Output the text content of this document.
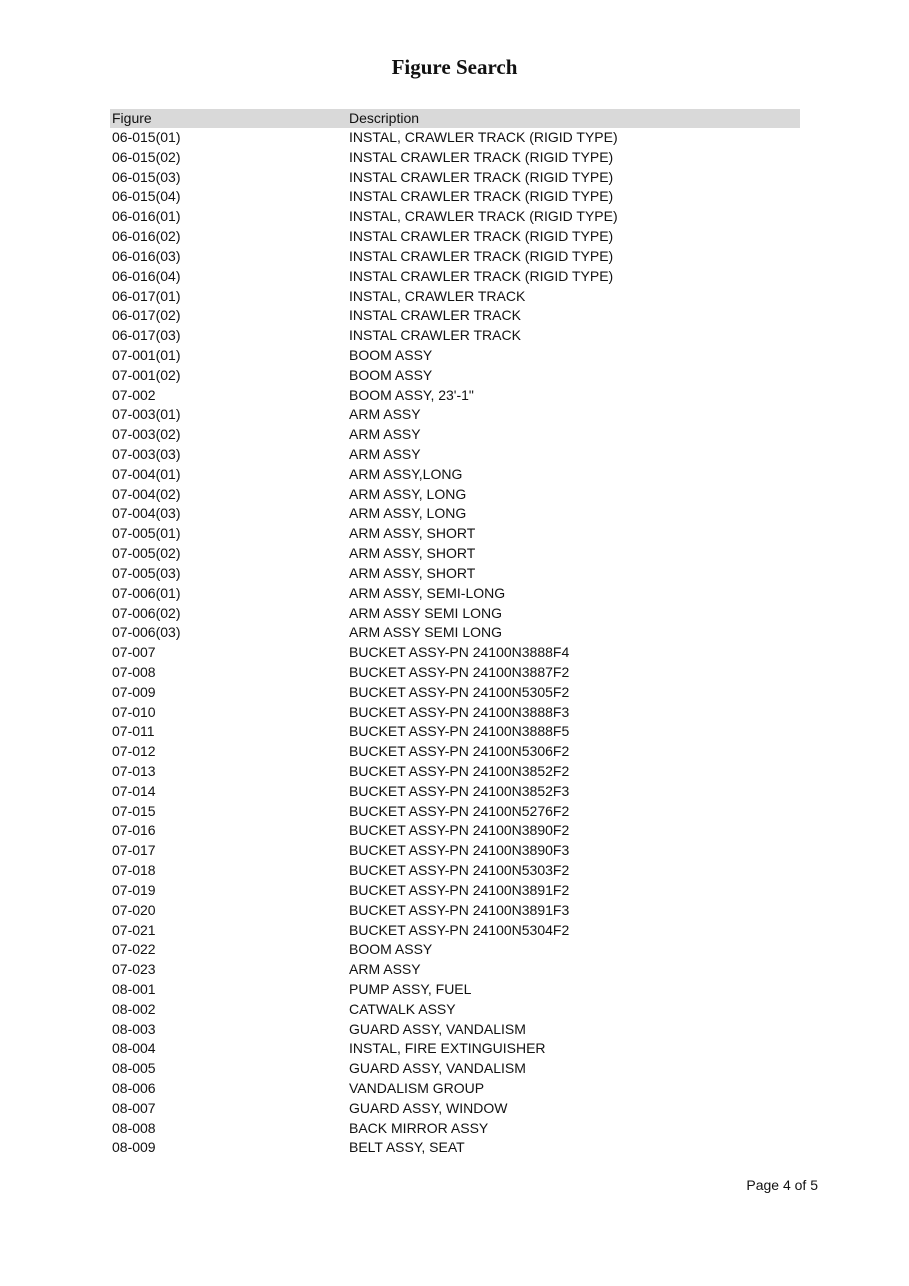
Figure Search
Figure	Description
06-015(01)	INSTAL, CRAWLER TRACK (RIGID TYPE)
06-015(02)	INSTAL CRAWLER TRACK (RIGID TYPE)
06-015(03)	INSTAL CRAWLER TRACK (RIGID TYPE)
06-015(04)	INSTAL CRAWLER TRACK (RIGID TYPE)
06-016(01)	INSTAL, CRAWLER TRACK (RIGID TYPE)
06-016(02)	INSTAL CRAWLER TRACK (RIGID TYPE)
06-016(03)	INSTAL CRAWLER TRACK (RIGID TYPE)
06-016(04)	INSTAL CRAWLER TRACK (RIGID TYPE)
06-017(01)	INSTAL, CRAWLER TRACK
06-017(02)	INSTAL CRAWLER TRACK
06-017(03)	INSTAL CRAWLER TRACK
07-001(01)	BOOM ASSY
07-001(02)	BOOM ASSY
07-002	BOOM ASSY, 23'-1"
07-003(01)	ARM ASSY
07-003(02)	ARM ASSY
07-003(03)	ARM ASSY
07-004(01)	ARM ASSY,LONG
07-004(02)	ARM ASSY, LONG
07-004(03)	ARM ASSY, LONG
07-005(01)	ARM ASSY, SHORT
07-005(02)	ARM ASSY, SHORT
07-005(03)	ARM ASSY, SHORT
07-006(01)	ARM ASSY, SEMI-LONG
07-006(02)	ARM ASSY SEMI LONG
07-006(03)	ARM ASSY SEMI LONG
07-007	BUCKET ASSY-PN 24100N3888F4
07-008	BUCKET ASSY-PN 24100N3887F2
07-009	BUCKET ASSY-PN 24100N5305F2
07-010	BUCKET ASSY-PN 24100N3888F3
07-011	BUCKET ASSY-PN 24100N3888F5
07-012	BUCKET ASSY-PN 24100N5306F2
07-013	BUCKET ASSY-PN 24100N3852F2
07-014	BUCKET ASSY-PN 24100N3852F3
07-015	BUCKET ASSY-PN 24100N5276F2
07-016	BUCKET ASSY-PN 24100N3890F2
07-017	BUCKET ASSY-PN 24100N3890F3
07-018	BUCKET ASSY-PN 24100N5303F2
07-019	BUCKET ASSY-PN 24100N3891F2
07-020	BUCKET ASSY-PN 24100N3891F3
07-021	BUCKET ASSY-PN 24100N5304F2
07-022	BOOM ASSY
07-023	ARM ASSY
08-001	PUMP ASSY, FUEL
08-002	CATWALK ASSY
08-003	GUARD ASSY, VANDALISM
08-004	INSTAL, FIRE EXTINGUISHER
08-005	GUARD ASSY, VANDALISM
08-006	VANDALISM GROUP
08-007	GUARD ASSY, WINDOW
08-008	BACK MIRROR ASSY
08-009	BELT ASSY, SEAT
Page 4 of 5
